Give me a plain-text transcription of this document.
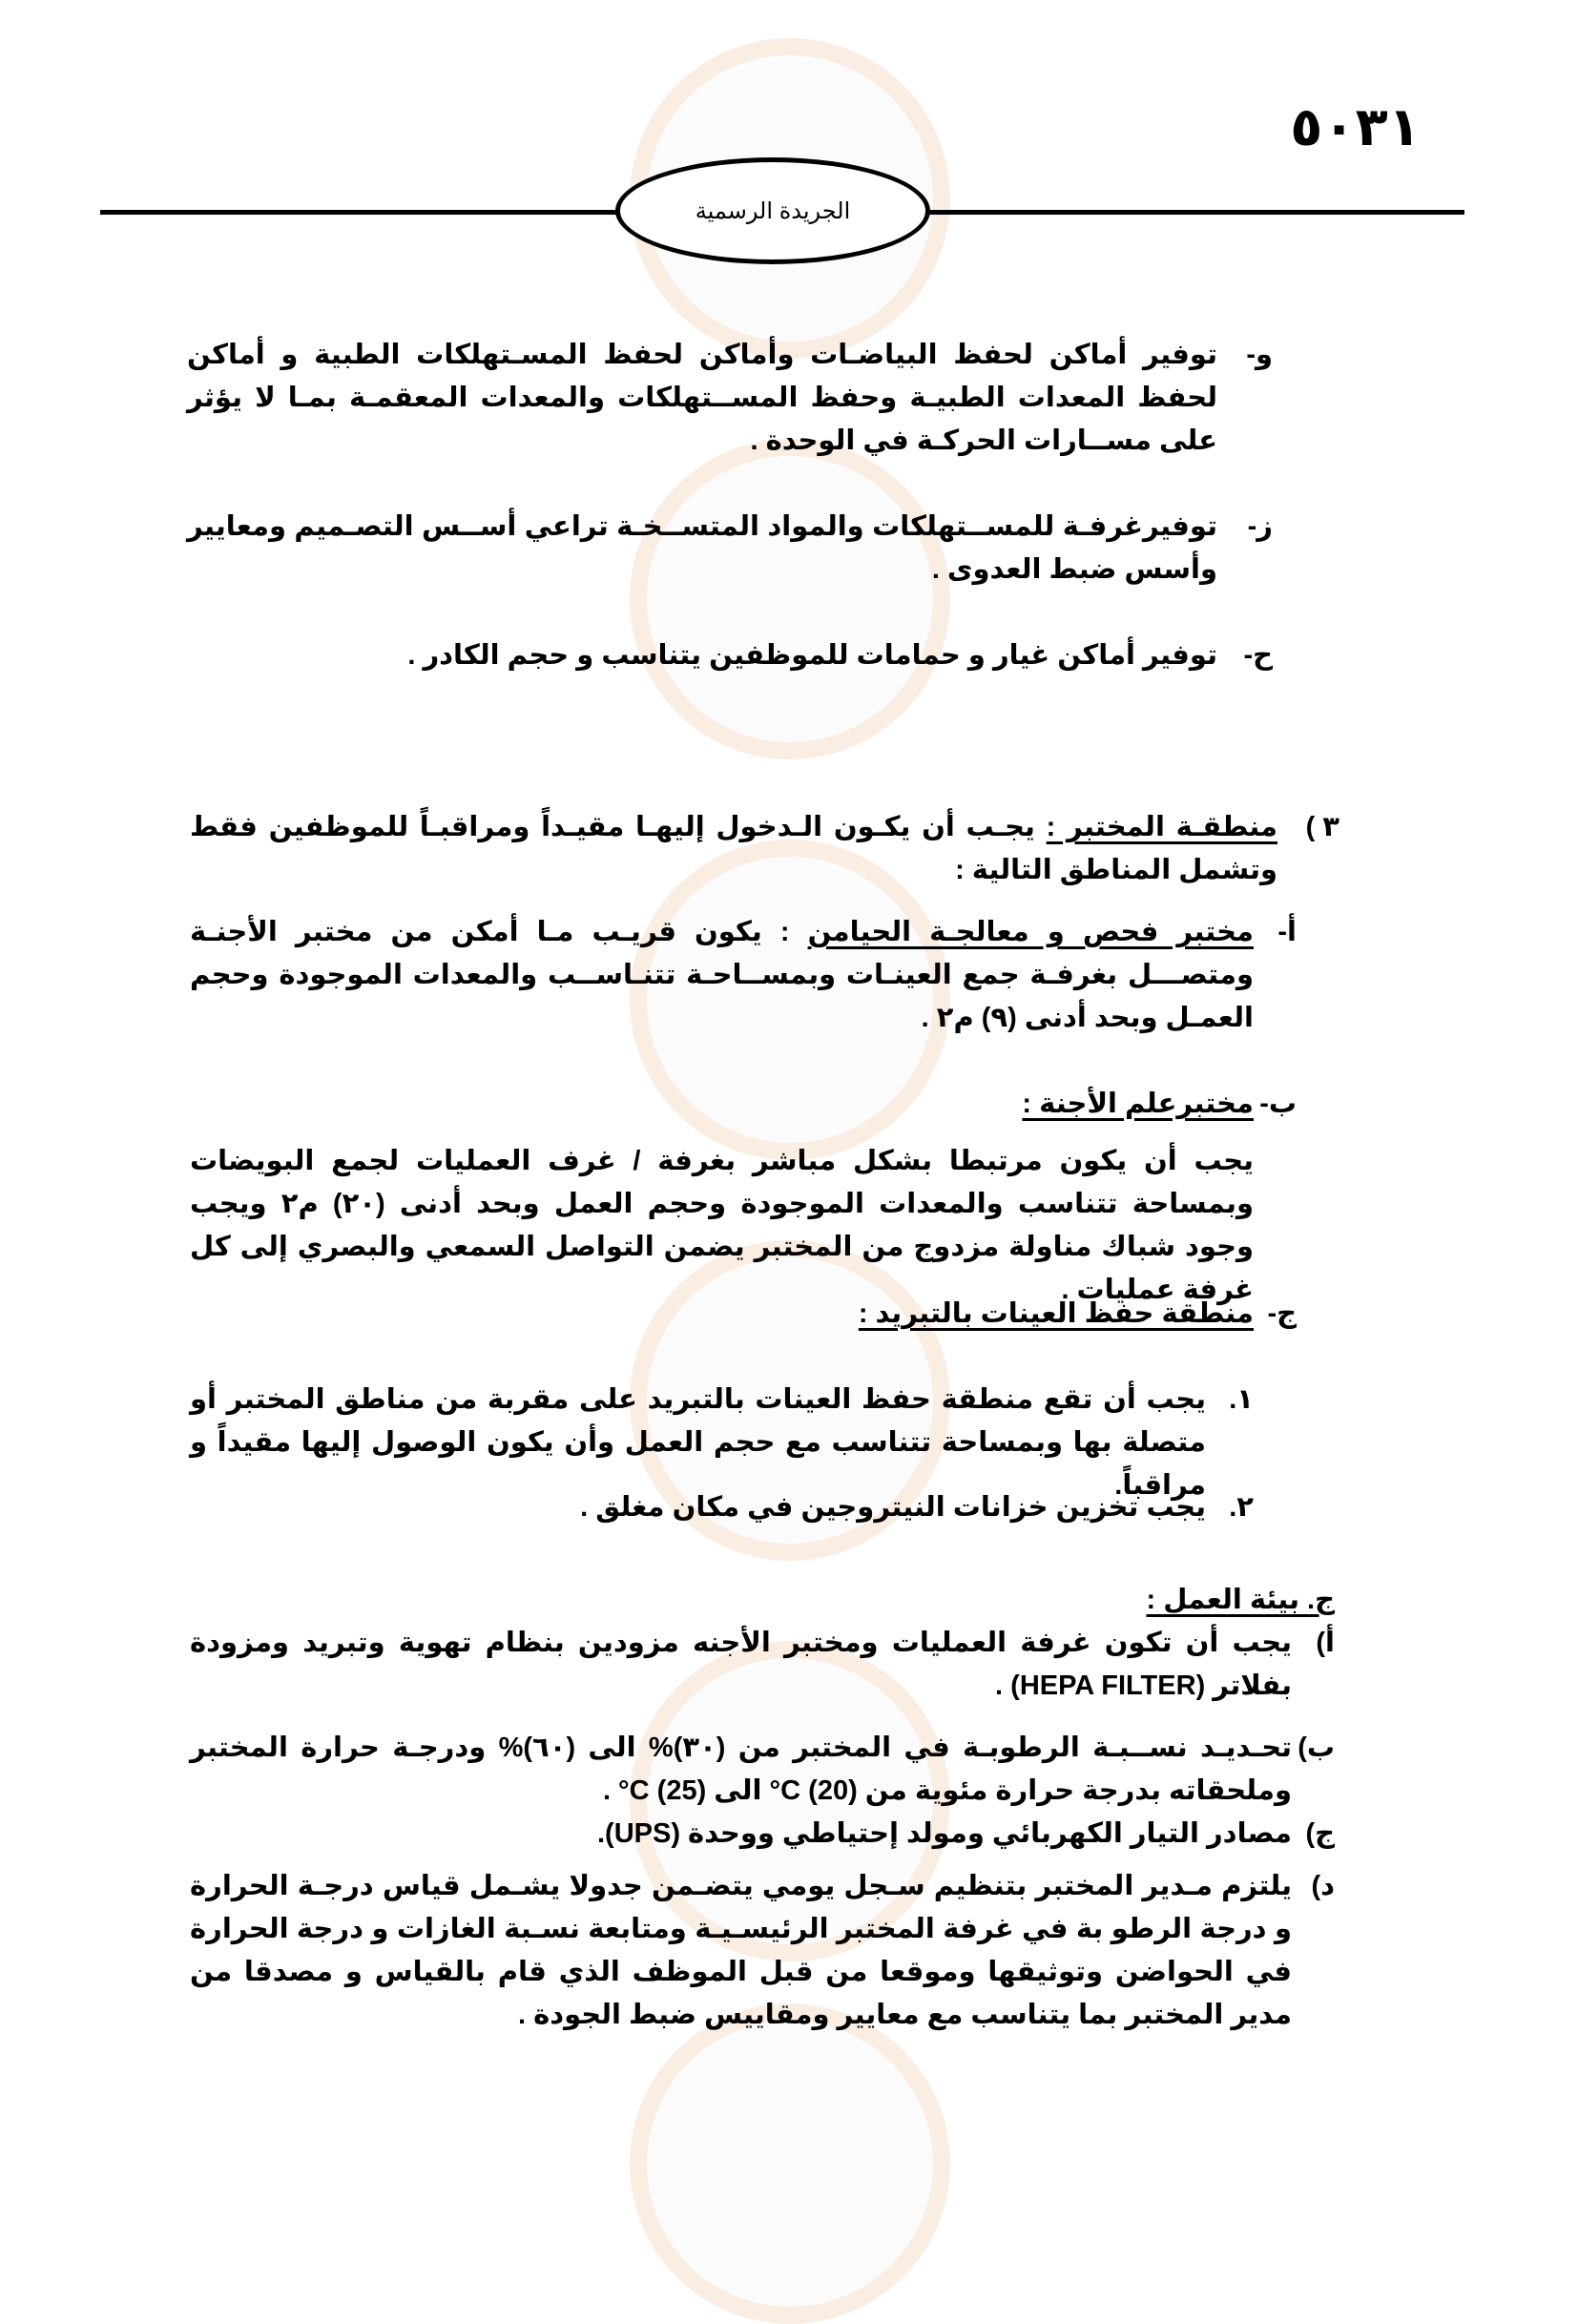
٥٠٣١
الجريدة الرسمية
و-
توفير أماكن لحفظ البياضـات وأماكن لحفظ المسـتهلكات الطبية و أماكن لحفظ المعدات الطبيـة وحفظ المســتهلكات والمعدات المعقمـة بمـا لا يؤثر على مســارات الحركـة في الوحدة .
ز-
توفيرغرفـة للمســتهلكات والمواد المتســخـة تراعي أســس التصـميم ومعايير وأسس ضبط العدوى .
ح-
توفير أماكن غيار و حمامات للموظفين يتناسب و حجم الكادر .
٣ )
منطقـة المختبر : يجـب أن يكـون الـدخول إليهـا مقيـداً ومراقبـاً للموظفين فقط وتشمل المناطق التالية :
أ-
مختبر فحص و معالجـة الحيامن : يكون قريـب مـا أمكن من مختبر الأجنـة ومتصـــل بغرفـة جمع العينـات وبمســاحـة تتنـاســب والمعدات الموجودة وحجم العمـل وبحد أدنى (٩) م٢ .
ب-
مختبرعلم الأجنة :
يجب أن يكون مرتبطا بشكل مباشر بغرفة / غرف العمليات لجمع البويضات وبمساحة تتناسب والمعدات الموجودة وحجم العمل وبحد أدنى (٢٠) م٢ ويجب وجود شباك مناولة مزدوج من المختبر يضمن التواصل السمعي والبصري إلى كل غرفة عمليات .
ج-
منطقة حفظ العينات بالتبريد :
١.
يجب أن تقع منطقة حفظ العينات بالتبريد على مقربة من مناطق المختبر أو متصلة بها وبمساحة تتناسب مع حجم العمل وأن يكون الوصول إليها مقيداً و مراقباً.
٢.
يجب تخزين خزانات النيتروجين في مكان مغلق .
ج. بيئة العمل :
أ)
يجب أن تكون غرفة العمليات ومختبر الأجنه مزودين بنظام تهوية وتبريد ومزودة بفلاتر (HEPA FILTER) .
ب)
تحـديـد نســبـة الرطوبـة في المختبر من (٣٠)% الى (٦٠)% ودرجـة حرارة المختبر وملحقاته بدرجة حرارة مئوية من (20) C° الى (25) C° .
ج)
مصادر التيار الكهربائي ومولد إحتياطي ووحدة (UPS).
د)
يلتزم مـدير المختبر بتنظيم سـجل يومي يتضـمن جدولا يشـمل قياس درجـة الحرارة و درجة الرطو بة في غرفة المختبر الرئيسـيـة ومتابعة نسـبة الغازات و درجة الحرارة في الحواضن وتوثيقها وموقعا من قبل الموظف الذي قام بالقياس و مصدقا من مدير المختبر بما يتناسب مع معايير ومقاييس ضبط الجودة .
